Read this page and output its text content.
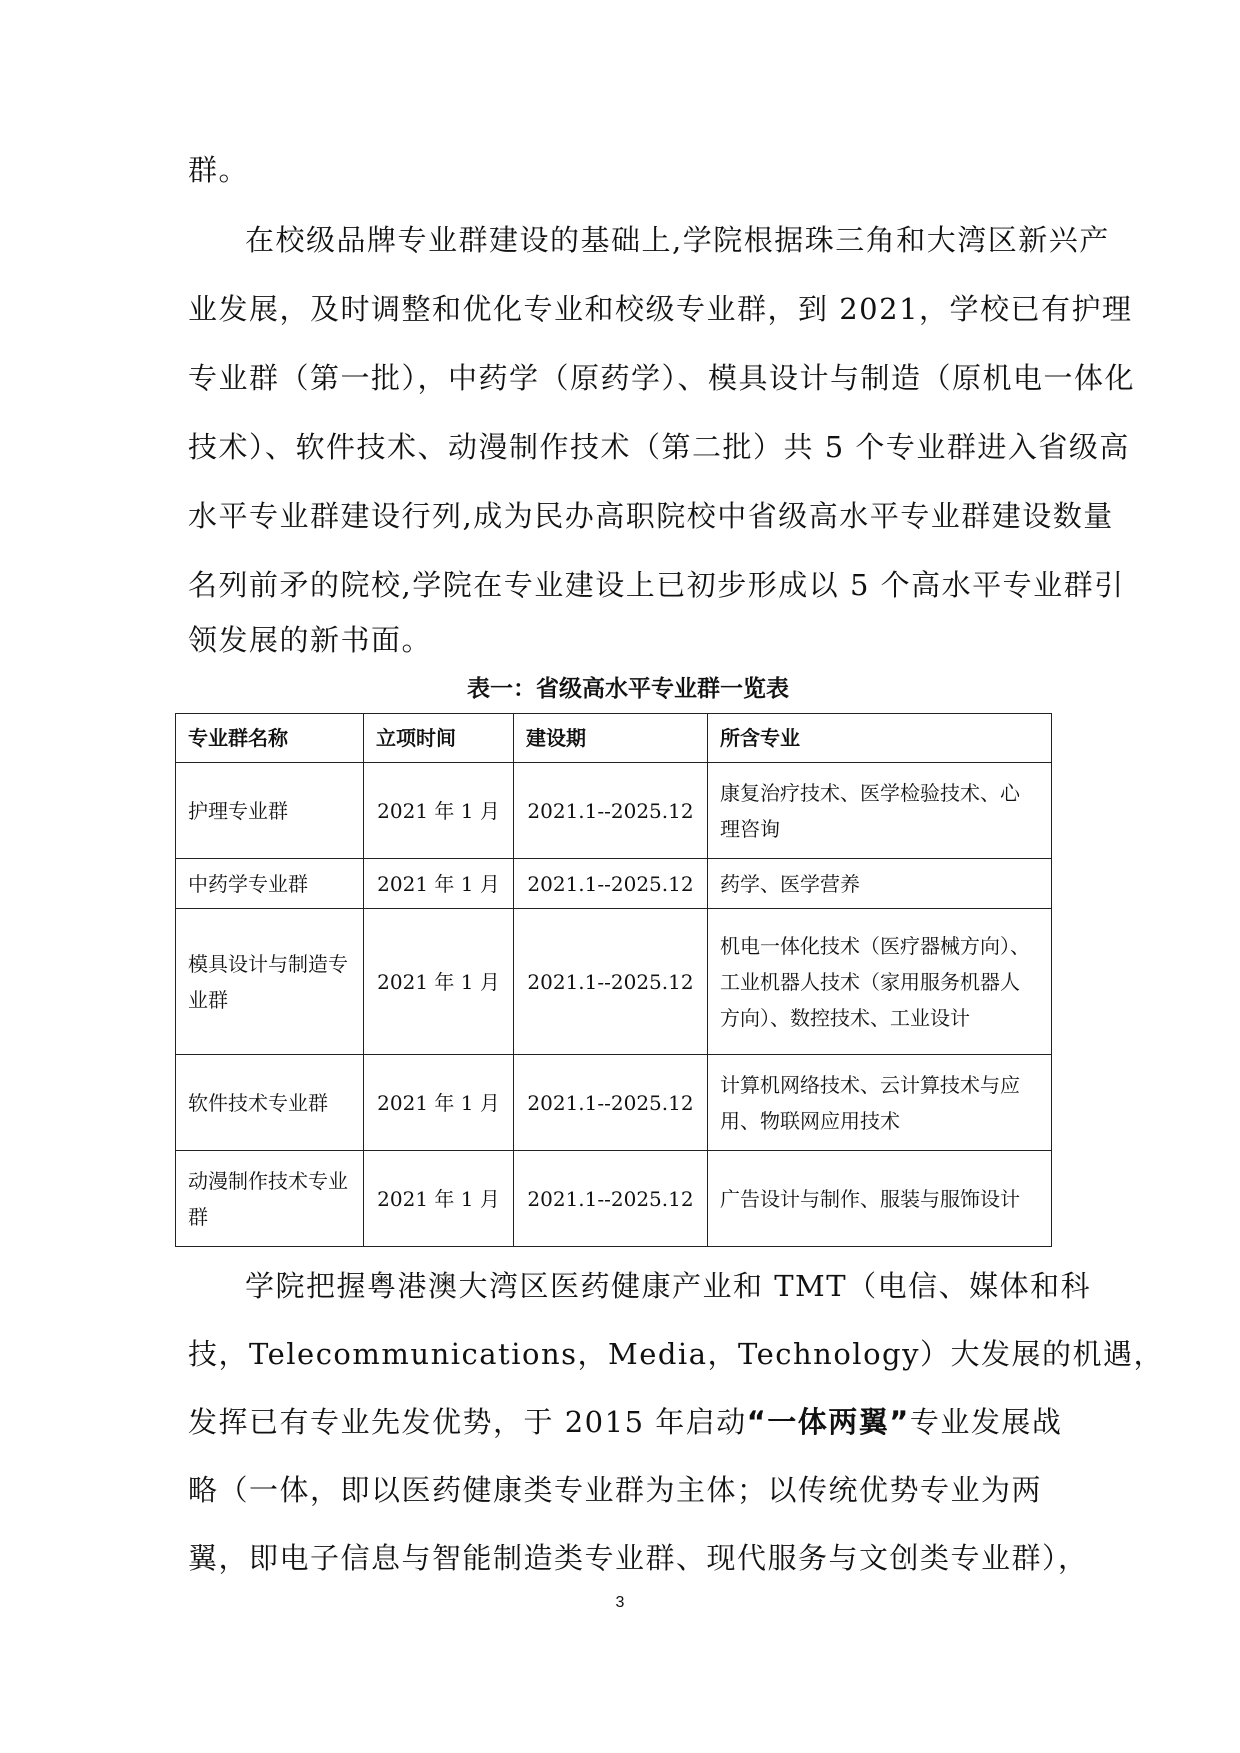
群。
在校级品牌专业群建设的基础上,学院根据珠三角和大湾区新兴产
业发展，及时调整和优化专业和校级专业群，到 2021，学校已有护理
专业群（第一批），中药学（原药学）、模具设计与制造（原机电一体化
技术）、软件技术、动漫制作技术（第二批）共 5 个专业群进入省级高
水平专业群建设行列,成为民办高职院校中省级高水平专业群建设数量
名列前矛的院校,学院在专业建设上已初步形成以 5 个高水平专业群引
领发展的新书面。
表一：省级高水平专业群一览表
专业群名称	立项时间	建设期	所含专业
护理专业群	2021 年 1 月	2021.1--2025.12	康复治疗技术、医学检验技术、心理咨询
中药学专业群	2021 年 1 月	2021.1--2025.12	药学、医学营养
模具设计与制造专业群	2021 年 1 月	2021.1--2025.12	机电一体化技术（医疗器械方向）、工业机器人技术（家用服务机器人方向）、数控技术、工业设计
软件技术专业群	2021 年 1 月	2021.1--2025.12	计算机网络技术、云计算技术与应用、物联网应用技术
动漫制作技术专业群	2021 年 1 月	2021.1--2025.12	广告设计与制作、服装与服饰设计
学院把握粤港澳大湾区医药健康产业和 TMT（电信、媒体和科
技，Telecommunications，Media，Technology）大发展的机遇，
发挥已有专业先发优势，于 2015 年启动“一体两翼”专业发展战
略（一体，即以医药健康类专业群为主体；以传统优势专业为两
翼，即电子信息与智能制造类专业群、现代服务与文创类专业群），
3
